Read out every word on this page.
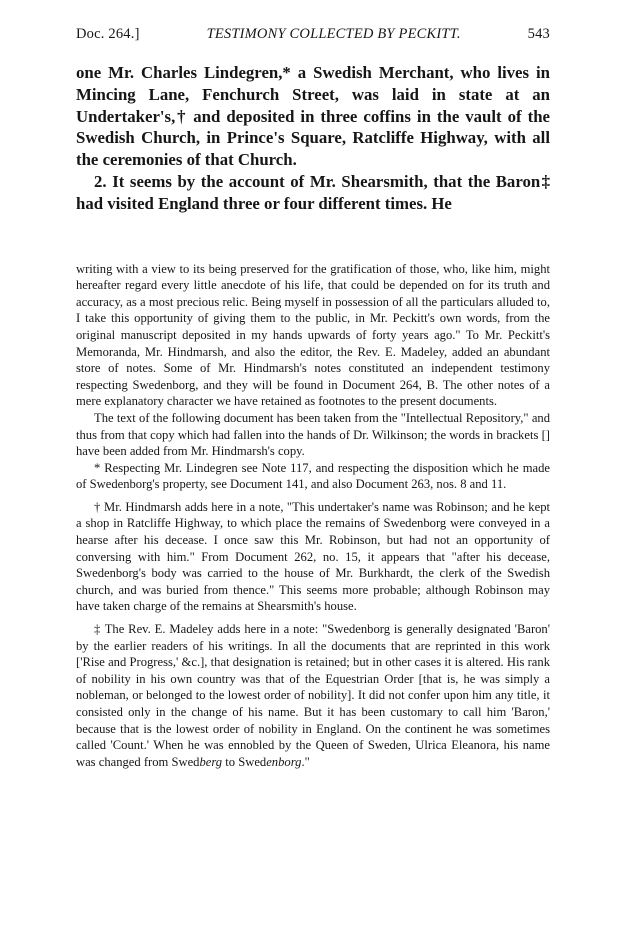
Doc. 264.]	TESTIMONY COLLECTED BY PECKITT.	543

one Mr. Charles Lindegren,* a Swedish Merchant, who lives in Mincing Lane, Fenchurch Street, was laid in state at an Undertaker's,† and deposited in three coffins in the vault of the Swedish Church, in Prince's Square, Ratcliffe Highway, with all the ceremonies of that Church.

2. It seems by the account of Mr. Shearsmith, that the Baron‡ had visited England three or four different times. He

writing with a view to its being preserved for the gratification of those, who, like him, might hereafter regard every little anecdote of his life, that could be depended on for its truth and accuracy, as a most precious relic. Being myself in possession of all the particulars alluded to, I take this opportunity of giving them to the public, in Mr. Peckitt's own words, from the original manuscript deposited in my hands upwards of forty years ago." To Mr. Peckitt's Memoranda, Mr. Hindmarsh, and also the editor, the Rev. E. Madeley, added an abundant store of notes. Some of Mr. Hindmarsh's notes constituted an independent testimony respecting Swedenborg, and they will be found in Document 264, B. The other notes of a mere explanatory character we have retained as footnotes to the present documents.

The text of the following document has been taken from the "Intellectual Repository," and thus from that copy which had fallen into the hands of Dr. Wilkinson; the words in brackets [] have been added from Mr. Hindmarsh's copy.

* Respecting Mr. Lindegren see Note 117, and respecting the disposition which he made of Swedenborg's property, see Document 141, and also Document 263, nos. 8 and 11.

† Mr. Hindmarsh adds here in a note, "This undertaker's name was Robinson; and he kept a shop in Ratcliffe Highway, to which place the remains of Swedenborg were conveyed in a hearse after his decease. I once saw this Mr. Robinson, but had not an opportunity of conversing with him." From Document 262, no. 15, it appears that "after his decease, Swedenborg's body was carried to the house of Mr. Burkhardt, the clerk of the Swedish church, and was buried from thence." This seems more probable; although Robinson may have taken charge of the remains at Shearsmith's house.

‡ The Rev. E. Madeley adds here in a note: "Swedenborg is generally designated 'Baron' by the earlier readers of his writings. In all the documents that are reprinted in this work ['Rise and Progress,' &c.], that designation is retained; but in other cases it is altered. His rank of nobility in his own country was that of the Equestrian Order [that is, he was simply a nobleman, or belonged to the lowest order of nobility]. It did not confer upon him any title, it consisted only in the change of his name. But it has been customary to call him 'Baron,' because that is the lowest order of nobility in England. On the continent he was sometimes called 'Count.' When he was ennobled by the Queen of Sweden, Ulrica Eleanora, his name was changed from Swedberg to Swedenborg."
